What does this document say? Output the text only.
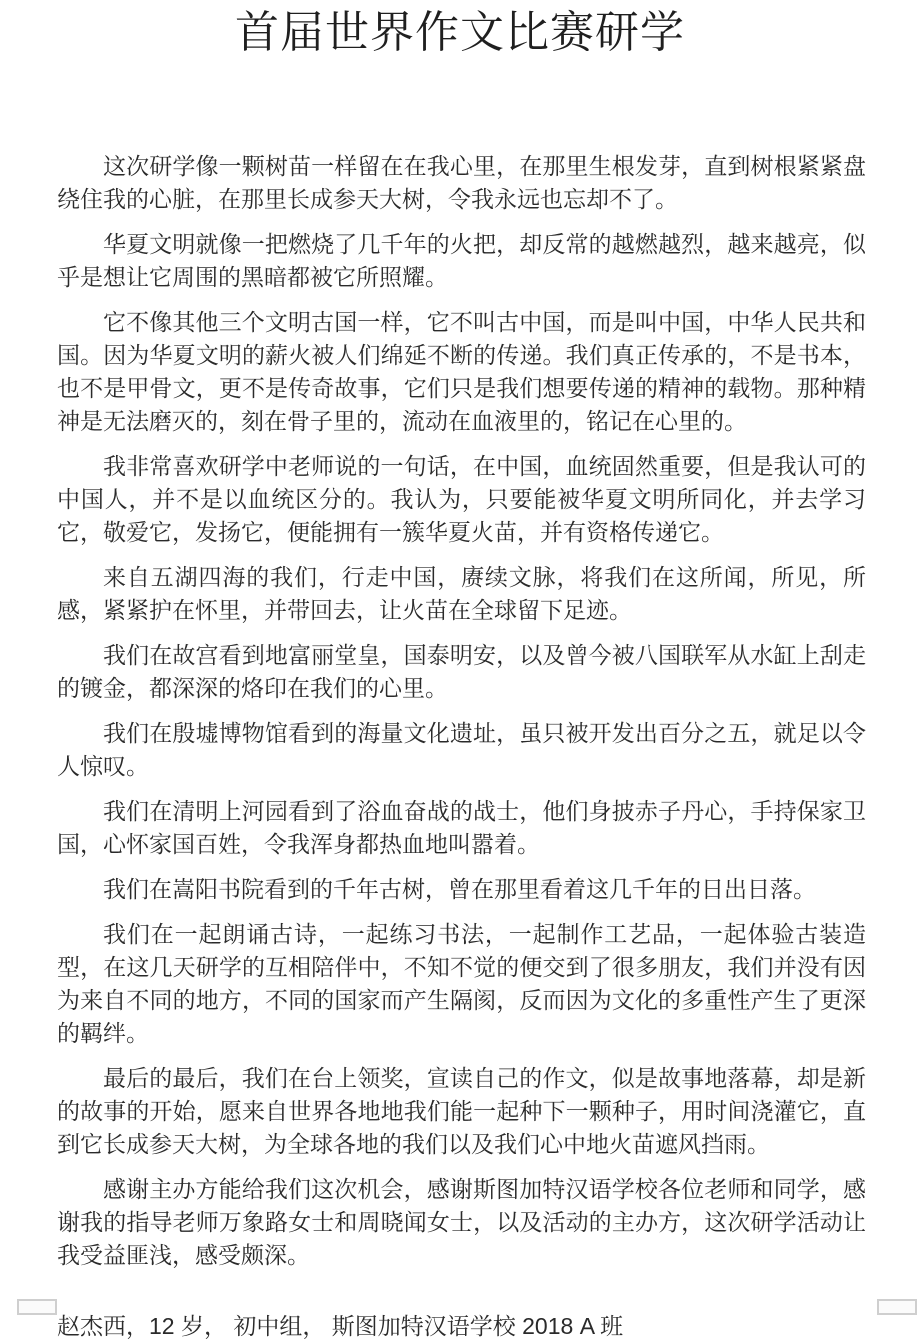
首届世界作文比赛研学

这次研学像一颗树苗一样留在在我心里，在那里生根发芽，直到树根紧紧盘绕住我的心脏，在那里长成参天大树，令我永远也忘却不了。

华夏文明就像一把燃烧了几千年的火把，却反常的越燃越烈，越来越亮，似乎是想让它周围的黑暗都被它所照耀。

它不像其他三个文明古国一样，它不叫古中国，而是叫中国，中华人民共和国。因为华夏文明的薪火被人们绵延不断的传递。我们真正传承的，不是书本，也不是甲骨文，更不是传奇故事，它们只是我们想要传递的精神的载物。那种精神是无法磨灭的，刻在骨子里的，流动在血液里的，铭记在心里的。

我非常喜欢研学中老师说的一句话，在中国，血统固然重要，但是我认可的中国人，并不是以血统区分的。我认为，只要能被华夏文明所同化，并去学习它，敬爱它，发扬它，便能拥有一簇华夏火苗，并有资格传递它。

来自五湖四海的我们，行走中国，赓续文脉，将我们在这所闻，所见，所感，紧紧护在怀里，并带回去，让火苗在全球留下足迹。

我们在故宫看到地富丽堂皇，国泰明安，以及曾今被八国联军从水缸上刮走的镀金，都深深的烙印在我们的心里。

我们在殷墟博物馆看到的海量文化遗址，虽只被开发出百分之五，就足以令人惊叹。

我们在清明上河园看到了浴血奋战的战士，他们身披赤子丹心，手持保家卫国，心怀家国百姓，令我浑身都热血地叫嚣着。

我们在嵩阳书院看到的千年古树，曾在那里看着这几千年的日出日落。

我们在一起朗诵古诗，一起练习书法，一起制作工艺品，一起体验古装造型，在这几天研学的互相陪伴中，不知不觉的便交到了很多朋友，我们并没有因为来自不同的地方，不同的国家而产生隔阂，反而因为文化的多重性产生了更深的羁绊。

最后的最后，我们在台上领奖，宣读自己的作文，似是故事地落幕，却是新的故事的开始，愿来自世界各地地我们能一起种下一颗种子，用时间浇灌它，直到它长成参天大树，为全球各地的我们以及我们心中地火苗遮风挡雨。

感谢主办方能给我们这次机会，感谢斯图加特汉语学校各位老师和同学，感谢我的指导老师万象路女士和周晓闻女士，以及活动的主办方，这次研学活动让我受益匪浅，感受颇深。

赵杰西，12 岁， 初中组， 斯图加特汉语学校 2018 A 班
